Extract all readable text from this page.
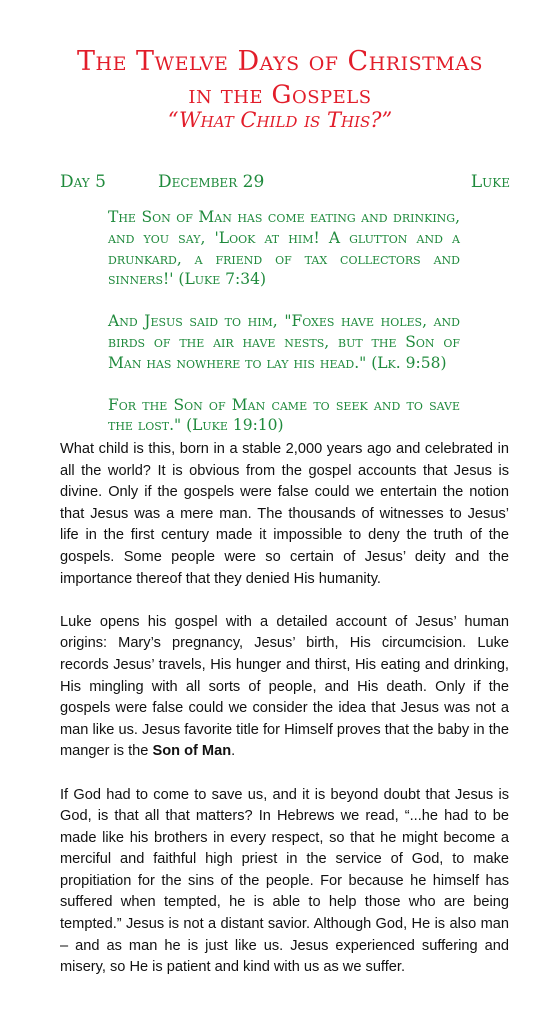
The Twelve Days of Christmas
in the Gospels
“What Child is This?”
Day 5	December 29	Luke

The Son of Man has come eating and drinking, and you say, 'Look at him! A glutton and a drunkard, a friend of tax collectors and sinners!' (Luke 7:34)

And Jesus said to him, "Foxes have holes, and birds of the air have nests, but the Son of Man has nowhere to lay his head." (Lk. 9:58)

For the Son of Man came to seek and to save the lost." (Luke 19:10)

What child is this, born in a stable 2,000 years ago and celebrated in all the world? It is obvious from the gospel accounts that Jesus is divine. Only if the gospels were false could we entertain the notion that Jesus was a mere man. The thousands of witnesses to Jesus’ life in the first century made it impossible to deny the truth of the gospels. Some people were so certain of Jesus’ deity and the importance thereof that they denied His humanity.

Luke opens his gospel with a detailed account of Jesus’ human origins: Mary’s pregnancy, Jesus’ birth, His circumcision. Luke records Jesus’ travels, His hunger and thirst, His eating and drinking, His mingling with all sorts of people, and His death. Only if the gospels were false could we consider the idea that Jesus was not a man like us. Jesus favorite title for Himself proves that the baby in the manger is the Son of Man.

If God had to come to save us, and it is beyond doubt that Jesus is God, is that all that matters? In Hebrews we read, “...he had to be made like his brothers in every respect, so that he might become a merciful and faithful high priest in the service of God, to make propitiation for the sins of the people. For because he himself has suffered when tempted, he is able to help those who are being tempted.” Jesus is not a distant savior. Although God, He is also man – and as man he is just like us. Jesus experienced suffering and misery, so He is patient and kind with us as we suffer.
